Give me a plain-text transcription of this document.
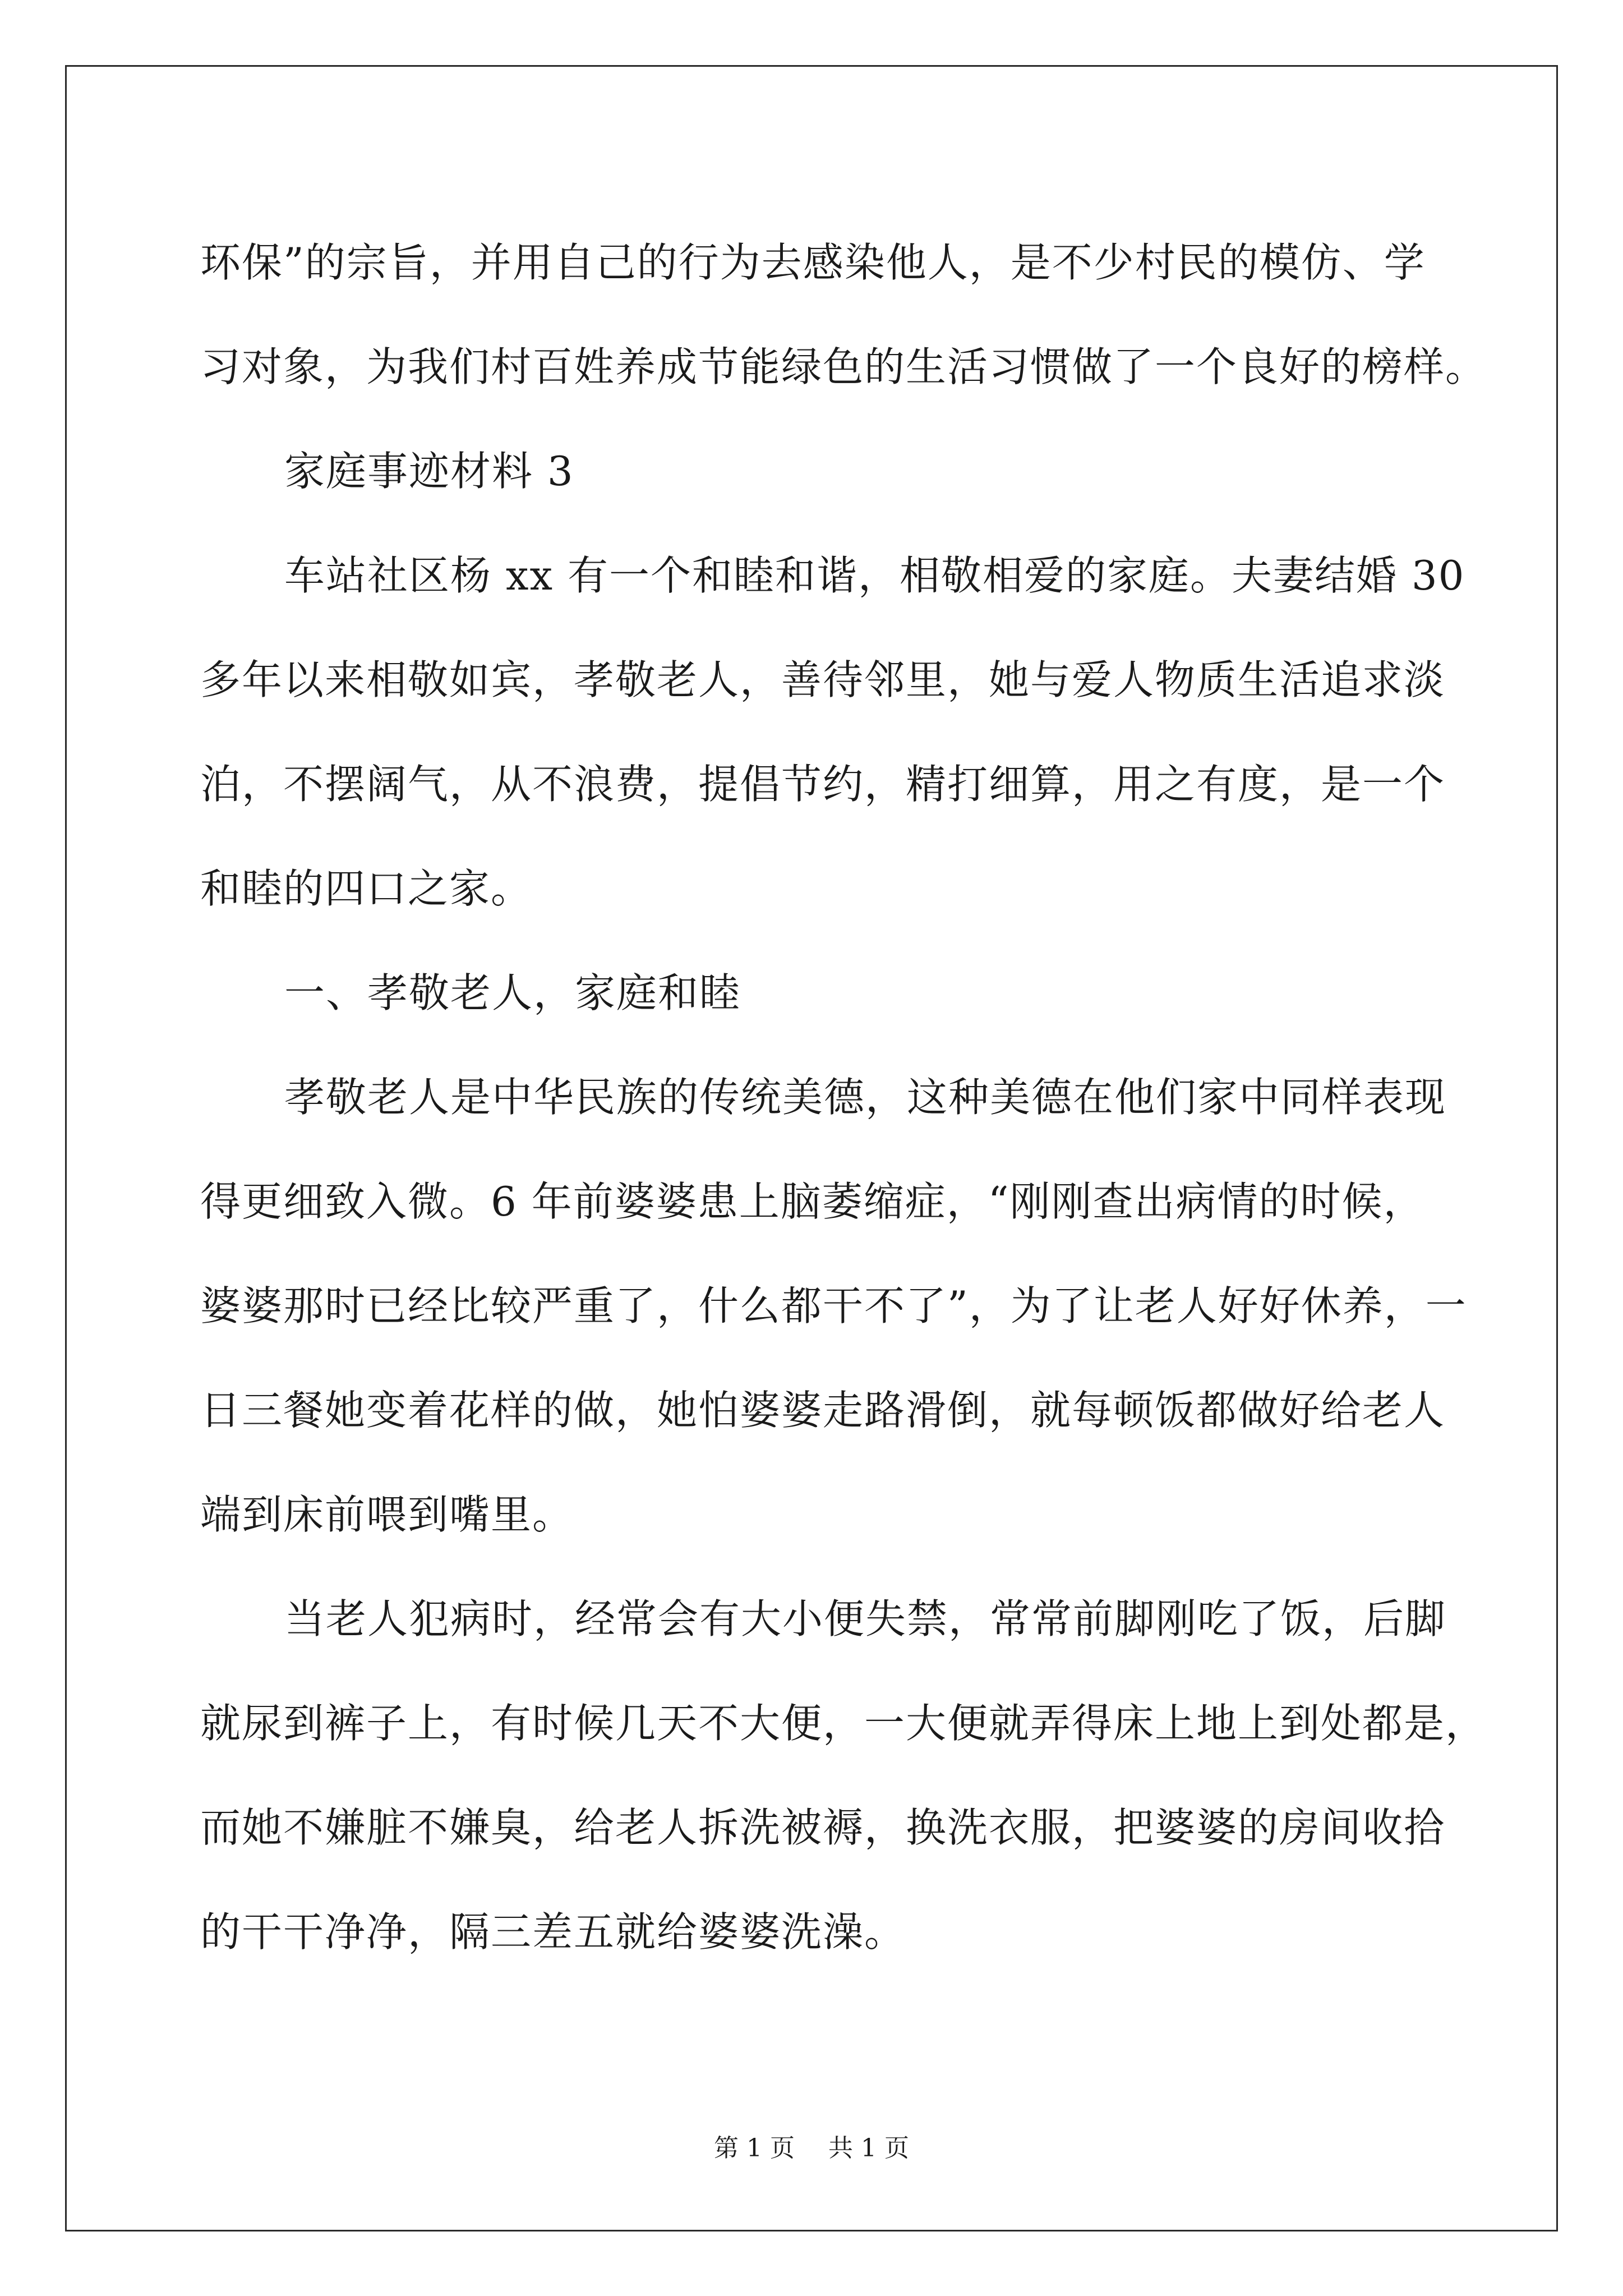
环保”的宗旨，并用自己的行为去感染他人，是不少村民的模仿、学
习对象，为我们村百姓养成节能绿色的生活习惯做了一个良好的榜样。
家庭事迹材料 3
车站社区杨 xx 有一个和睦和谐，相敬相爱的家庭。夫妻结婚 30
多年以来相敬如宾，孝敬老人，善待邻里，她与爱人物质生活追求淡
泊，不摆阔气，从不浪费，提倡节约，精打细算，用之有度，是一个
和睦的四口之家。
一、孝敬老人，家庭和睦
孝敬老人是中华民族的传统美德，这种美德在他们家中同样表现
得更细致入微。6 年前婆婆患上脑萎缩症，“刚刚查出病情的时候，
婆婆那时已经比较严重了，什么都干不了”，为了让老人好好休养，一
日三餐她变着花样的做，她怕婆婆走路滑倒，就每顿饭都做好给老人
端到床前喂到嘴里。
当老人犯病时，经常会有大小便失禁，常常前脚刚吃了饭，后脚
就尿到裤子上，有时候几天不大便，一大便就弄得床上地上到处都是，
而她不嫌脏不嫌臭，给老人拆洗被褥，换洗衣服，把婆婆的房间收拾
的干干净净，隔三差五就给婆婆洗澡。
第 1 页 共 1 页
